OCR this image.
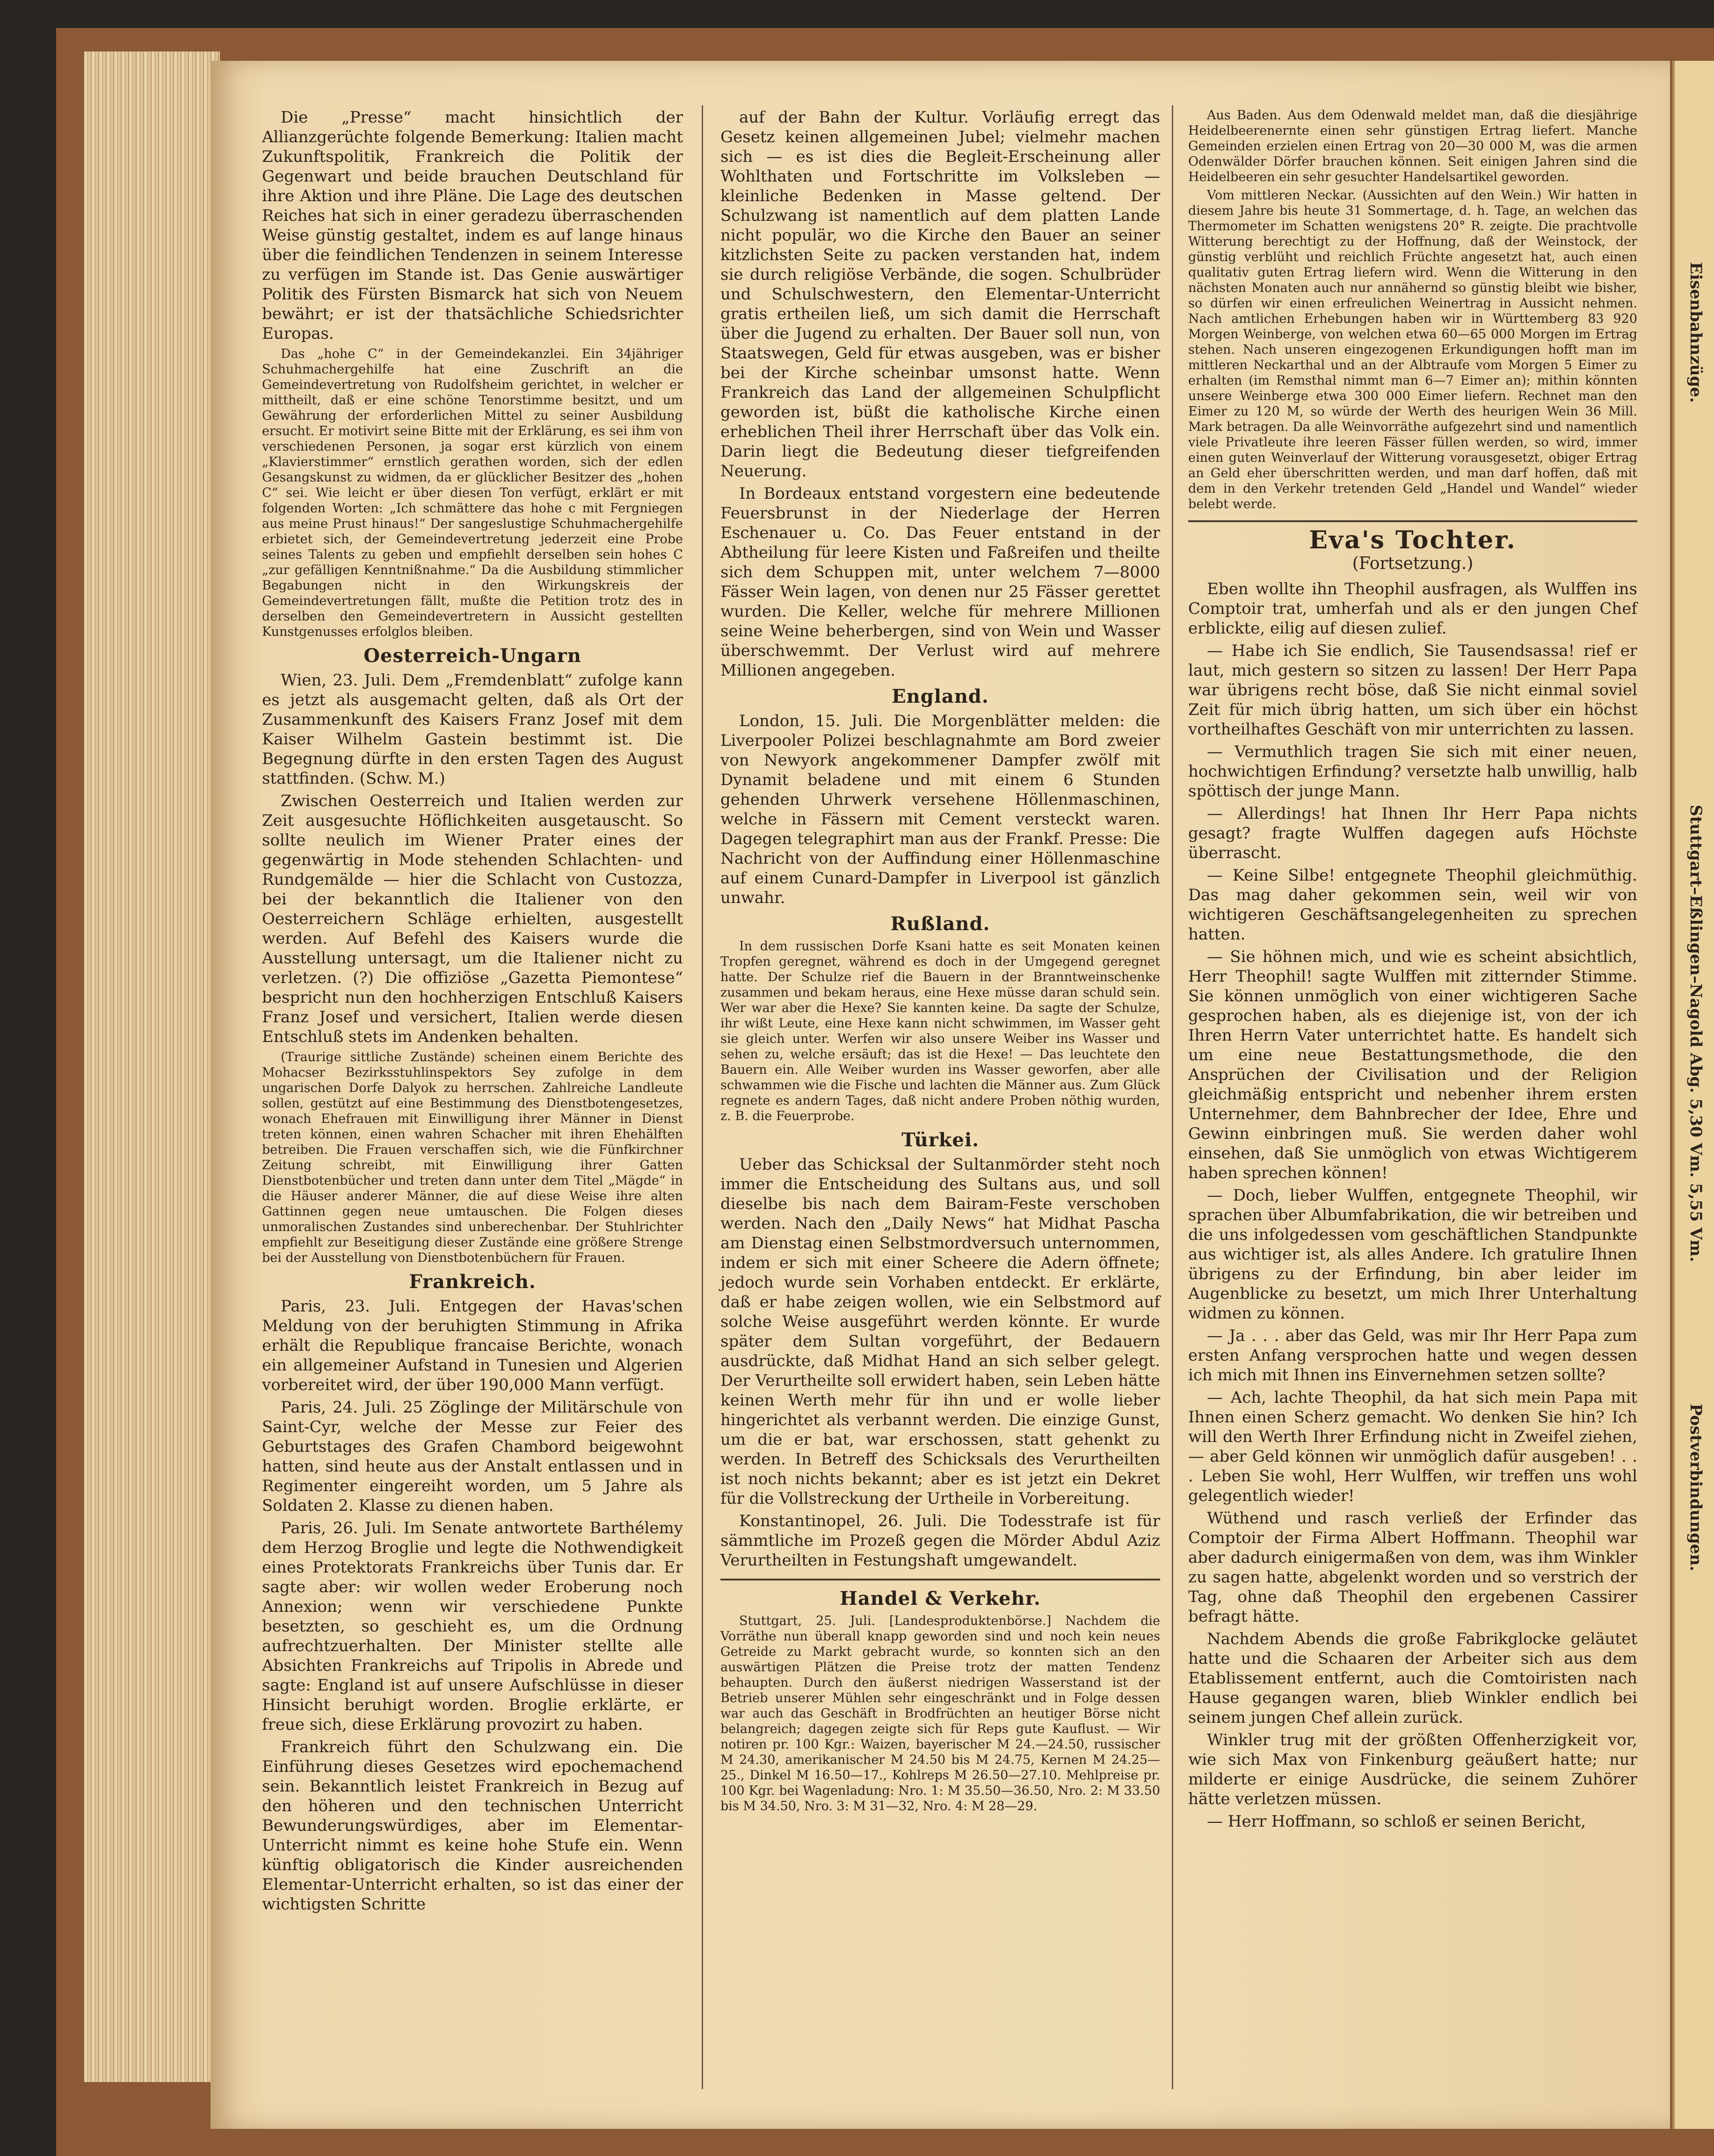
Die „Presse“ macht hinsichtlich der Allianzgerüchte folgende Bemerkung: Italien macht Zukunftspolitik, Frankreich die Politik der Gegenwart und beide brauchen Deutschland für ihre Aktion und ihre Pläne. Die Lage des deutschen Reiches hat sich in einer geradezu überraschenden Weise günstig gestaltet, indem es auf lange hinaus über die feindlichen Tendenzen in seinem Interesse zu verfügen im Stande ist. Das Genie auswärtiger Politik des Fürsten Bismarck hat sich von Neuem bewährt; er ist der thatsächliche Schiedsrichter Europas.

Das „hohe C“ in der Gemeindekanzlei. Ein 34jähriger Schuhmachergehilfe hat eine Zuschrift an die Gemeindevertretung von Rudolfsheim gerichtet, in welcher er mittheilt, daß er eine schöne Tenorstimme besitzt, und um Gewährung der erforderlichen Mittel zu seiner Ausbildung ersucht. Er motivirt seine Bitte mit der Erklärung, es sei ihm von verschiedenen Personen, ja sogar erst kürzlich von einem „Klavierstimmer“ ernstlich gerathen worden, sich der edlen Gesangskunst zu widmen, da er glücklicher Besitzer des „hohen C“ sei. Wie leicht er über diesen Ton verfügt, erklärt er mit folgenden Worten: „Ich schmättere das hohe c mit Fergniegen aus meine Prust hinaus!“ Der sangeslustige Schuhmachergehilfe erbietet sich, der Gemeindevertretung jederzeit eine Probe seines Talents zu geben und empfiehlt derselben sein hohes C „zur gefälligen Kenntnißnahme.“ Da die Ausbildung stimmlicher Begabungen nicht in den Wirkungskreis der Gemeindevertretungen fällt, mußte die Petition trotz des in derselben den Gemeindevertretern in Aussicht gestellten Kunstgenusses erfolglos bleiben.

Oesterreich-Ungarn

Wien, 23. Juli. Dem „Fremdenblatt“ zufolge kann es jetzt als ausgemacht gelten, daß als Ort der Zusammenkunft des Kaisers Franz Josef mit dem Kaiser Wilhelm Gastein bestimmt ist. Die Begegnung dürfte in den ersten Tagen des August stattfinden. (Schw. M.)

Zwischen Oesterreich und Italien werden zur Zeit ausgesuchte Höflichkeiten ausgetauscht. So sollte neulich im Wiener Prater eines der gegenwärtig in Mode stehenden Schlachten- und Rundgemälde — hier die Schlacht von Custozza, bei der bekanntlich die Italiener von den Oesterreichern Schläge erhielten, ausgestellt werden. Auf Befehl des Kaisers wurde die Ausstellung untersagt, um die Italiener nicht zu verletzen. (?) Die offiziöse „Gazetta Piemontese“ bespricht nun den hochherzigen Entschluß Kaisers Franz Josef und versichert, Italien werde diesen Entschluß stets im Andenken behalten.

(Traurige sittliche Zustände) scheinen einem Berichte des Mohacser Bezirksstuhlinspektors Sey zufolge in dem ungarischen Dorfe Dalyok zu herrschen. Zahlreiche Landleute sollen, gestützt auf eine Bestimmung des Dienstbotengesetzes, wonach Ehefrauen mit Einwilligung ihrer Männer in Dienst treten können, einen wahren Schacher mit ihren Ehehälften betreiben. Die Frauen verschaffen sich, wie die Fünfkirchner Zeitung schreibt, mit Einwilligung ihrer Gatten Dienstbotenbücher und treten dann unter dem Titel „Mägde“ in die Häuser anderer Männer, die auf diese Weise ihre alten Gattinnen gegen neue umtauschen. Die Folgen dieses unmoralischen Zustandes sind unberechenbar. Der Stuhlrichter empfiehlt zur Beseitigung dieser Zustände eine größere Strenge bei der Ausstellung von Dienstbotenbüchern für Frauen.

Frankreich.

Paris, 23. Juli. Entgegen der Havas'schen Meldung von der beruhigten Stimmung in Afrika erhält die Republique francaise Berichte, wonach ein allgemeiner Aufstand in Tunesien und Algerien vorbereitet wird, der über 190,000 Mann verfügt.

Paris, 24. Juli. 25 Zöglinge der Militärschule von Saint-Cyr, welche der Messe zur Feier des Geburtstages des Grafen Chambord beigewohnt hatten, sind heute aus der Anstalt entlassen und in Regimenter eingereiht worden, um 5 Jahre als Soldaten 2. Klasse zu dienen haben.

Paris, 26. Juli. Im Senate antwortete Barthélemy dem Herzog Broglie und legte die Nothwendigkeit eines Protektorats Frankreichs über Tunis dar. Er sagte aber: wir wollen weder Eroberung noch Annexion; wenn wir verschiedene Punkte besetzten, so geschieht es, um die Ordnung aufrechtzuerhalten. Der Minister stellte alle Absichten Frankreichs auf Tripolis in Abrede und sagte: England ist auf unsere Aufschlüsse in dieser Hinsicht beruhigt worden. Broglie erklärte, er freue sich, diese Erklärung provozirt zu haben.

Frankreich führt den Schulzwang ein. Die Einführung dieses Gesetzes wird epochemachend sein. Bekanntlich leistet Frankreich in Bezug auf den höheren und den technischen Unterricht Bewunderungswürdiges, aber im Elementar-Unterricht nimmt es keine hohe Stufe ein. Wenn künftig obligatorisch die Kinder ausreichenden Elementar-Unterricht erhalten, so ist das einer der wichtigsten Schritte

auf der Bahn der Kultur. Vorläufig erregt das Gesetz keinen allgemeinen Jubel; vielmehr machen sich — es ist dies die Begleit-Erscheinung aller Wohlthaten und Fortschritte im Volksleben — kleinliche Bedenken in Masse geltend. Der Schulzwang ist namentlich auf dem platten Lande nicht populär, wo die Kirche den Bauer an seiner kitzlichsten Seite zu packen verstanden hat, indem sie durch religiöse Verbände, die sogen. Schulbrüder und Schulschwestern, den Elementar-Unterricht gratis ertheilen ließ, um sich damit die Herrschaft über die Jugend zu erhalten. Der Bauer soll nun, von Staatswegen, Geld für etwas ausgeben, was er bisher bei der Kirche scheinbar umsonst hatte. Wenn Frankreich das Land der allgemeinen Schulpflicht geworden ist, büßt die katholische Kirche einen erheblichen Theil ihrer Herrschaft über das Volk ein. Darin liegt die Bedeutung dieser tiefgreifenden Neuerung.

In Bordeaux entstand vorgestern eine bedeutende Feuersbrunst in der Niederlage der Herren Eschenauer u. Co. Das Feuer entstand in der Abtheilung für leere Kisten und Faßreifen und theilte sich dem Schuppen mit, unter welchem 7—8000 Fässer Wein lagen, von denen nur 25 Fässer gerettet wurden. Die Keller, welche für mehrere Millionen seine Weine beherbergen, sind von Wein und Wasser überschwemmt. Der Verlust wird auf mehrere Millionen angegeben.

England.

London, 15. Juli. Die Morgenblätter melden: die Liverpooler Polizei beschlagnahmte am Bord zweier von Newyork angekommener Dampfer zwölf mit Dynamit beladene und mit einem 6 Stunden gehenden Uhrwerk versehene Höllenmaschinen, welche in Fässern mit Cement versteckt waren. Dagegen telegraphirt man aus der Frankf. Presse: Die Nachricht von der Auffindung einer Höllenmaschine auf einem Cunard-Dampfer in Liverpool ist gänzlich unwahr.

Rußland.

In dem russischen Dorfe Ksani hatte es seit Monaten keinen Tropfen geregnet, während es doch in der Umgegend geregnet hatte. Der Schulze rief die Bauern in der Branntweinschenke zusammen und bekam heraus, eine Hexe müsse daran schuld sein. Wer war aber die Hexe? Sie kannten keine. Da sagte der Schulze, ihr wißt Leute, eine Hexe kann nicht schwimmen, im Wasser geht sie gleich unter. Werfen wir also unsere Weiber ins Wasser und sehen zu, welche ersäuft; das ist die Hexe! — Das leuchtete den Bauern ein. Alle Weiber wurden ins Wasser geworfen, aber alle schwammen wie die Fische und lachten die Männer aus. Zum Glück regnete es andern Tages, daß nicht andere Proben nöthig wurden, z. B. die Feuerprobe.

Türkei.

Ueber das Schicksal der Sultanmörder steht noch immer die Entscheidung des Sultans aus, und soll dieselbe bis nach dem Bairam-Feste verschoben werden. Nach den „Daily News“ hat Midhat Pascha am Dienstag einen Selbstmordversuch unternommen, indem er sich mit einer Scheere die Adern öffnete; jedoch wurde sein Vorhaben entdeckt. Er erklärte, daß er habe zeigen wollen, wie ein Selbstmord auf solche Weise ausgeführt werden könnte. Er wurde später dem Sultan vorgeführt, der Bedauern ausdrückte, daß Midhat Hand an sich selber gelegt. Der Verurtheilte soll erwidert haben, sein Leben hätte keinen Werth mehr für ihn und er wolle lieber hingerichtet als verbannt werden. Die einzige Gunst, um die er bat, war erschossen, statt gehenkt zu werden. In Betreff des Schicksals des Verurtheilten ist noch nichts bekannt; aber es ist jetzt ein Dekret für die Vollstreckung der Urtheile in Vorbereitung.

Konstantinopel, 26. Juli. Die Todesstrafe ist für sämmtliche im Prozeß gegen die Mörder Abdul Aziz Verurtheilten in Festungshaft umgewandelt.

Handel & Verkehr.

Stuttgart, 25. Juli. [Landesproduktenbörse.] Nachdem die Vorräthe nun überall knapp geworden sind und noch kein neues Getreide zu Markt gebracht wurde, so konnten sich an den auswärtigen Plätzen die Preise trotz der matten Tendenz behaupten. Durch den äußerst niedrigen Wasserstand ist der Betrieb unserer Mühlen sehr eingeschränkt und in Folge dessen war auch das Geschäft in Brodfrüchten an heutiger Börse nicht belangreich; dagegen zeigte sich für Reps gute Kauflust. — Wir notiren pr. 100 Kgr.: Waizen, bayerischer M 24.—24.50, russischer M 24.30, amerikanischer M 24.50 bis M 24.75, Kernen M 24.25—25., Dinkel M 16.50—17., Kohlreps M 26.50—27.10. Mehlpreise pr. 100 Kgr. bei Wagenladung: Nro. 1: M 35.50—36.50, Nro. 2: M 33.50 bis M 34.50, Nro. 3: M 31—32, Nro. 4: M 28—29.

Aus Baden. Aus dem Odenwald meldet man, daß die diesjährige Heidelbeerenernte einen sehr günstigen Ertrag liefert. Manche Gemeinden erzielen einen Ertrag von 20—30 000 M, was die armen Odenwälder Dörfer brauchen können. Seit einigen Jahren sind die Heidelbeeren ein sehr gesuchter Handelsartikel geworden.

Vom mittleren Neckar. (Aussichten auf den Wein.) Wir hatten in diesem Jahre bis heute 31 Sommertage, d. h. Tage, an welchen das Thermometer im Schatten wenigstens 20° R. zeigte. Die prachtvolle Witterung berechtigt zu der Hoffnung, daß der Weinstock, der günstig verblüht und reichlich Früchte angesetzt hat, auch einen qualitativ guten Ertrag liefern wird. Wenn die Witterung in den nächsten Monaten auch nur annähernd so günstig bleibt wie bisher, so dürfen wir einen erfreulichen Weinertrag in Aussicht nehmen. Nach amtlichen Erhebungen haben wir in Württemberg 83 920 Morgen Weinberge, von welchen etwa 60—65 000 Morgen im Ertrag stehen. Nach unseren eingezogenen Erkundigungen hofft man im mittleren Neckarthal und an der Albtraufe vom Morgen 5 Eimer zu erhalten (im Remsthal nimmt man 6—7 Eimer an); mithin könnten unsere Weinberge etwa 300 000 Eimer liefern. Rechnet man den Eimer zu 120 M, so würde der Werth des heurigen Wein 36 Mill. Mark betragen. Da alle Weinvorräthe aufgezehrt sind und namentlich viele Privatleute ihre leeren Fässer füllen werden, so wird, immer einen guten Weinverlauf der Witterung vorausgesetzt, obiger Ertrag an Geld eher überschritten werden, und man darf hoffen, daß mit dem in den Verkehr tretenden Geld „Handel und Wandel“ wieder belebt werde.

Eva's Tochter.
(Fortsetzung.)

Eben wollte ihn Theophil ausfragen, als Wulffen ins Comptoir trat, umherfah und als er den jungen Chef erblickte, eilig auf diesen zulief.

— Habe ich Sie endlich, Sie Tausendsassa! rief er laut, mich gestern so sitzen zu lassen! Der Herr Papa war übrigens recht böse, daß Sie nicht einmal soviel Zeit für mich übrig hatten, um sich über ein höchst vortheilhaftes Geschäft von mir unterrichten zu lassen.

— Vermuthlich tragen Sie sich mit einer neuen, hochwichtigen Erfindung? versetzte halb unwillig, halb spöttisch der junge Mann.

— Allerdings! hat Ihnen Ihr Herr Papa nichts gesagt? fragte Wulffen dagegen aufs Höchste überrascht.

— Keine Silbe! entgegnete Theophil gleichmüthig. Das mag daher gekommen sein, weil wir von wichtigeren Geschäftsangelegenheiten zu sprechen hatten.

— Sie höhnen mich, und wie es scheint absichtlich, Herr Theophil! sagte Wulffen mit zitternder Stimme. Sie können unmöglich von einer wichtigeren Sache gesprochen haben, als es diejenige ist, von der ich Ihren Herrn Vater unterrichtet hatte. Es handelt sich um eine neue Bestattungsmethode, die den Ansprüchen der Civilisation und der Religion gleichmäßig entspricht und nebenher ihrem ersten Unternehmer, dem Bahnbrecher der Idee, Ehre und Gewinn einbringen muß. Sie werden daher wohl einsehen, daß Sie unmöglich von etwas Wichtigerem haben sprechen können!

— Doch, lieber Wulffen, entgegnete Theophil, wir sprachen über Albumfabrikation, die wir betreiben und die uns infolgedessen vom geschäftlichen Standpunkte aus wichtiger ist, als alles Andere. Ich gratulire Ihnen übrigens zu der Erfindung, bin aber leider im Augenblicke zu besetzt, um mich Ihrer Unterhaltung widmen zu können.

— Ja . . . aber das Geld, was mir Ihr Herr Papa zum ersten Anfang versprochen hatte und wegen dessen ich mich mit Ihnen ins Einvernehmen setzen sollte?

— Ach, lachte Theophil, da hat sich mein Papa mit Ihnen einen Scherz gemacht. Wo denken Sie hin? Ich will den Werth Ihrer Erfindung nicht in Zweifel ziehen, — aber Geld können wir unmöglich dafür ausgeben! . . . Leben Sie wohl, Herr Wulffen, wir treffen uns wohl gelegentlich wieder!

Wüthend und rasch verließ der Erfinder das Comptoir der Firma Albert Hoffmann. Theophil war aber dadurch einigermaßen von dem, was ihm Winkler zu sagen hatte, abgelenkt worden und so verstrich der Tag, ohne daß Theophil den ergebenen Cassirer befragt hätte.

Nachdem Abends die große Fabrikglocke geläutet hatte und die Schaaren der Arbeiter sich aus dem Etablissement entfernt, auch die Comtoiristen nach Hause gegangen waren, blieb Winkler endlich bei seinem jungen Chef allein zurück.

Winkler trug mit der größten Offenherzigkeit vor, wie sich Max von Finkenburg geäußert hatte; nur milderte er einige Ausdrücke, die seinem Zuhörer hätte verletzen müssen.

— Herr Hoffmann, so schloß er seinen Bericht,

Eisenbahnzüge.
Stuttgart–Eßlingen–Nagold Abg. 5,30 Vm. 5,55 Vm.
Postverbindungen.
